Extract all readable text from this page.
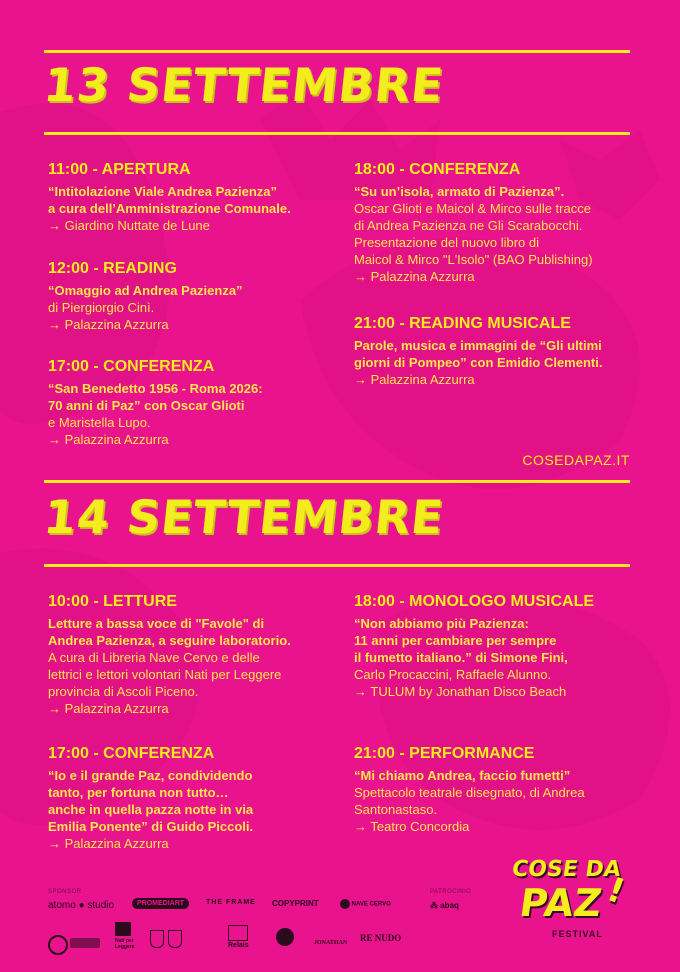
13 SETTEMBRE
11:00 - APERTURA
“Intitolazione Viale Andrea Pazienza”
a cura dell’Amministrazione Comunale.
→ Giardino Nuttate de Lune
12:00 - READING
“Omaggio ad Andrea Pazienza”
di Piergiorgio Cinì.
→ Palazzina Azzurra
17:00 - CONFERENZA
“San Benedetto 1956 - Roma 2026:
70 anni di Paz” con Oscar Glioti
e Maristella Lupo.
→ Palazzina Azzurra
18:00 - CONFERENZA
“Su un’isola, armato di Pazienza”.
Oscar Glioti e Maicol & Mirco sulle tracce
di Andrea Pazienza ne Gli Scarabocchi.
Presentazione del nuovo libro di
Maicol & Mirco "L'Isolo" (BAO Publishing)
→ Palazzina Azzurra
21:00 - READING MUSICALE
Parole, musica e immagini de “Gli ultimi
giorni di Pompeo” con Emidio Clementi.
→ Palazzina Azzurra
COSEDAPAZ.IT
14 SETTEMBRE
10:00 - LETTURE
Letture a bassa voce di "Favole" di
Andrea Pazienza, a seguire laboratorio.
A cura di Libreria Nave Cervo e delle
lettrici e lettori volontari Nati per Leggere
provincia di Ascoli Piceno.
→ Palazzina Azzurra
18:00 - MONOLOGO MUSICALE
“Non abbiamo più Pazienza:
11 anni per cambiare per sempre
il fumetto italiano.” di Simone Fini,
Carlo Procaccini, Raffaele Alunno.
→ TULUM by Jonathan Disco Beach
17:00 - CONFERENZA
“Io e il grande Paz, condividendo
tanto, per fortuna non tutto…
anche in quella pazza notte in via
Emilia Ponente” di Guido Piccoli.
→ Palazzina Azzurra
21:00 - PERFORMANCE
“Mi chiamo Andrea, faccio fumetti”
Spettacolo teatrale disegnato, di Andrea
Santonastaso.
→ Teatro Concordia
SPONSOR	PATROCINIO
atomo ● studio	PROMEDIART	THE FRAME COPYPRINT	NAVE CERVO	⁂ abaq
Nati per Leggere	Relais	JONATHAN RE NUDO
COSE DA
PAZ
!
FESTIVAL
